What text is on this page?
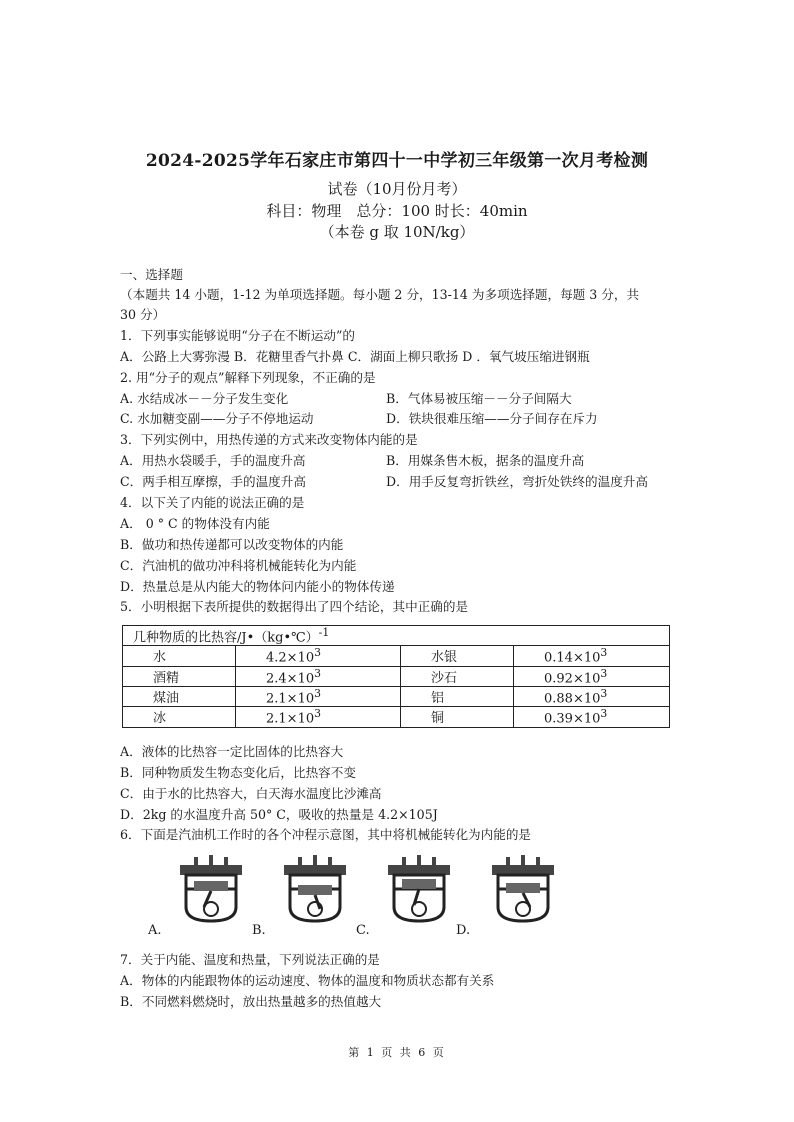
2024-2025学年石家庄市第四十一中学初三年级第一次月考检测
试卷（10月份月考）
科目：物理　总分：100 时长：40min
（本卷 g 取 10N/kg）
一、选择题
（本题共 14 小题，1-12 为单项选择题。每小题 2 分，13-14 为多项选择题，每题 3 分，共
30 分）
1．下列事实能够说明“分子在不断运动”的
A．公路上大雾弥漫 B．花糖里香气扑鼻 C．湖面上柳只歌扬 D ．氧气坡压缩进钢瓶
2. 用“分子的观点”解释下列现象，不正确的是
A. 水结成冰－－分子发生变化	B．气体易被压缩－－分子间隔大
C. 水加糖变副——分子不停地运动	D．铁块很难压缩——分子间存在斥力
3．下列实例中，用热传递的方式来改变物体内能的是
A．用热水袋暖手，手的温度升高	B．用媒条售木板，据条的温度升高
C．两手相互摩擦，手的温度升高	D．用手反复弯折铁丝，弯折处铁终的温度升高
4．以下关了内能的说法正确的是
A． 0 ° C 的物体没有内能
B．做功和热传递都可以改变物体的内能
C．汽油机的做功冲科将机械能转化为内能
D．热量总是从内能大的物体问内能小的物体传递
5．小明根据下表所提供的数据得出了四个结论，其中正确的是
几种物质的比热容/J•（kg•℃）$^{-1}$
水	$4.2\times 10^3$	水银	$0.14\times 10^3$
酒精	$2.4\times 10^3$	沙石	$0.92\times 10^3$
煤油	$2.1\times 10^3$	铝	$0.88\times 10^3$
冰	$2.1\times 10^3$	铜	$0.39\times 10^3$
A．液体的比热容一定比固体的比热容大
B．同种物质发生物态变化后，比热容不变
C．由于水的比热容大，白天海水温度比沙滩高
D．2kg 的水温度升高 50° C，吸收的热量是 4.2×105J
6．下面是汽油机工作时的各个冲程示意图，其中将机械能转化为内能的是
A.	B.	C.	D.
7．关于内能、温度和热量，下列说法正确的是
A．物体的内能跟物体的运动速度、物体的温度和物质状态都有关系
B．不同燃料燃烧时，放出热量越多的热值越大
第 1 页 共 6 页
